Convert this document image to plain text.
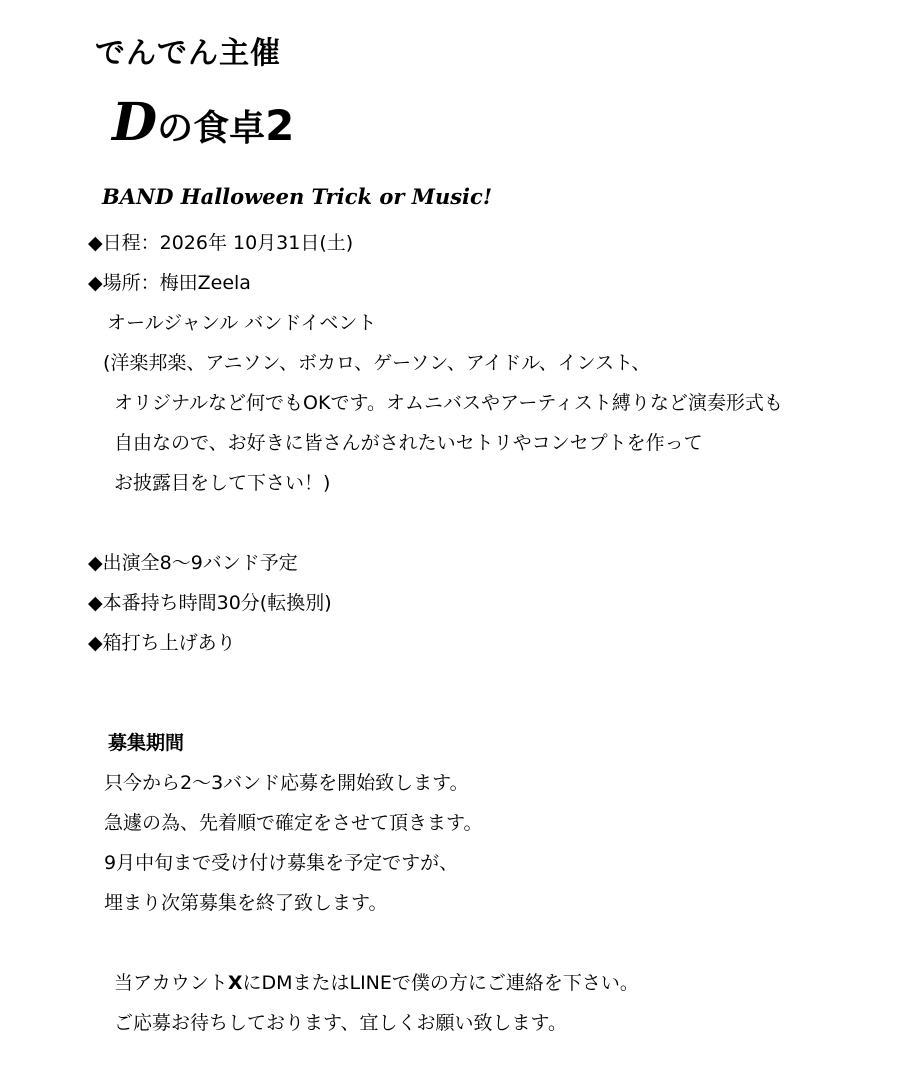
でんでん主催
Dの食卓2
BAND Halloween Trick or Music!
◆日程：2026年 10月31日(土)
◆場所：梅田Zeela
オールジャンル バンドイベント
(洋楽邦楽、アニソン、ボカロ、ゲーソン、アイドル、インスト、
オリジナルなど何でもOKです。オムニバスやアーティスト縛りなど演奏形式も
自由なので、お好きに皆さんがされたいセトリやコンセプトを作って
お披露目をして下さい！)
◆出演全8〜9バンド予定
◆本番持ち時間30分(転換別)
◆箱打ち上げあり
募集期間
只今から2〜3バンド応募を開始致します。
急遽の為、先着順で確定をさせて頂きます。
9月中旬まで受け付け募集を予定ですが、
埋まり次第募集を終了致します。
当アカウントXにDMまたはLINEで僕の方にご連絡を下さい。
ご応募お待ちしております、宜しくお願い致します。
